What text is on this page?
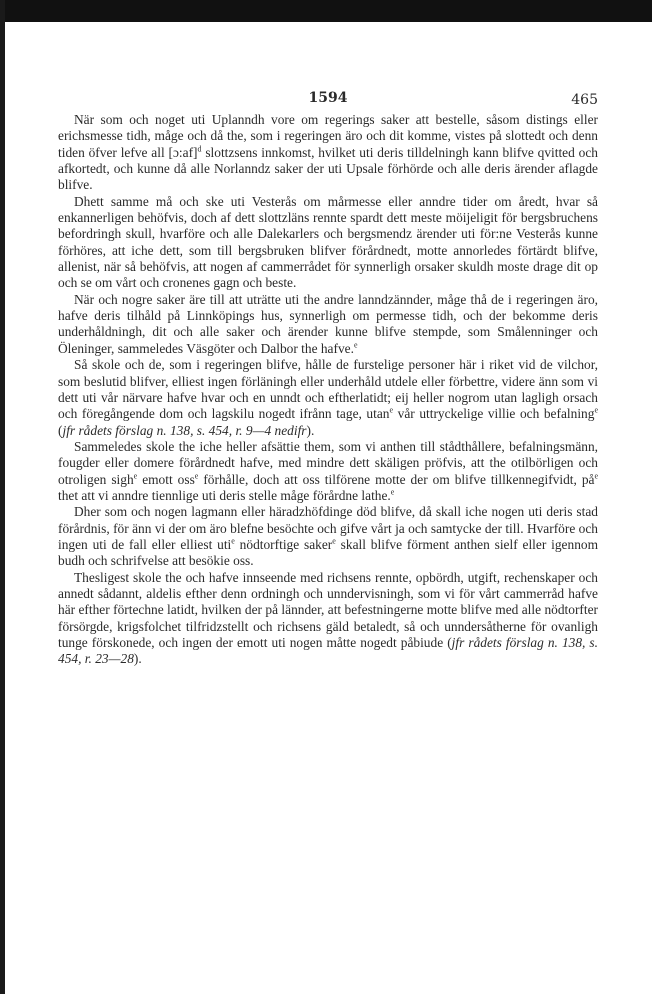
1594	465

När som och noget uti Uplanndh vore om regerings saker att bestelle, såsom distings eller erichsmesse tidh, måge och då the, som i regeringen äro och dit komme, vistes på slottedt och denn tiden öfver lefve all [ɔ:af]$^d$ slottzsens innkomst, hvilket uti deris tilldelningh kann blifve qvitted och afkortedt, och kunne då alle Norlanndz saker der uti Upsale förhörde och alle deris ärender aflagde blifve.

Dhett samme må och ske uti Vesterås om mårmesse eller anndre tider om åredt, hvar så enkannerligen behöfvis, doch af dett slottzläns rennte spardt dett meste möijeligit för bergsbruchens befordringh skull, hvarföre och alle Dalekarlers och bergsmendz ärender uti för:ne Vesterås kunne förhöres, att iche dett, som till bergsbruken blifver förårdnedt, motte annorledes förtärdt blifve, allenist, när så behöfvis, att nogen af cammerrådet för synnerligh orsaker skuldh moste drage dit op och se om vårt och cronenes gagn och beste.

När och nogre saker äre till att uträtte uti the andre lanndzännder, måge thå de i regeringen äro, hafve deris tilhåld på Linnköpings hus, synnerligh om permesse tidh, och der bekomme deris underhåldningh, dit och alle saker och ärender kunne blifve stempde, som Smålenninger och Öleninger, sammeledes Väsgöter och Dalbor the hafve.$^e$

Så skole och de, som i regeringen blifve, hålle de furstelige personer här i riket vid de vilchor, som beslutid blifver, elliest ingen förläningh eller underhåld utdele eller förbettre, videre änn som vi dett uti vår närvare hafve hvar och en unndt och eftherlatidt; eij heller nogrom utan lagligh orsach och föregångende dom och lagskilu nogedt ifrånn tage, utan$^e$ vår uttryckelige villie och befalning$^e$ (jfr rådets förslag n. 138, s. 454, r. 9—4 nedifr).

Sammeledes skole the iche heller afsättie them, som vi anthen till stådthållere, befalningsmänn, fougder eller domere förårdnedt hafve, med mindre dett skäligen pröfvis, att the otilbörligen och otroligen sigh$^e$ emott oss$^e$ förhålle, doch att oss tilförene motte der om blifve tillkennegifvidt, $på^e$ thet att vi anndre tiennlige uti deris stelle måge förårdne lathe.$^e$

Dher som och nogen lagmann eller häradzhöfdinge död blifve, då skall iche nogen uti deris stad förårdnis, för änn vi der om äro blefne besöchte och gifve vårt ja och samtycke der till. Hvarföre och ingen uti de fall eller elliest uti$^e$ nödtorftige saker$^e$ skall blifve förment anthen sielf eller igennom budh och schrifvelse att besökie oss.

Thesligest skole the och hafve innseende med richsens rennte, opbördh, utgift, rechenskaper och annedt sådannt, aldelis efther denn ordningh och unndervisningh, som vi för vårt cammerråd hafve här efther förtechne latidt, hvilken der på lännder, att befestningerne motte blifve med alle nödtorfter försörgde, krigsfolchet tilfridzstellt och richsens gäld betaledt, så och unndersåtherne för ovanligh tunge förskonede, och ingen der emott uti nogen måtte nogedt påbiude (jfr rådets förslag n. 138, s. 454, r. 23—28).
